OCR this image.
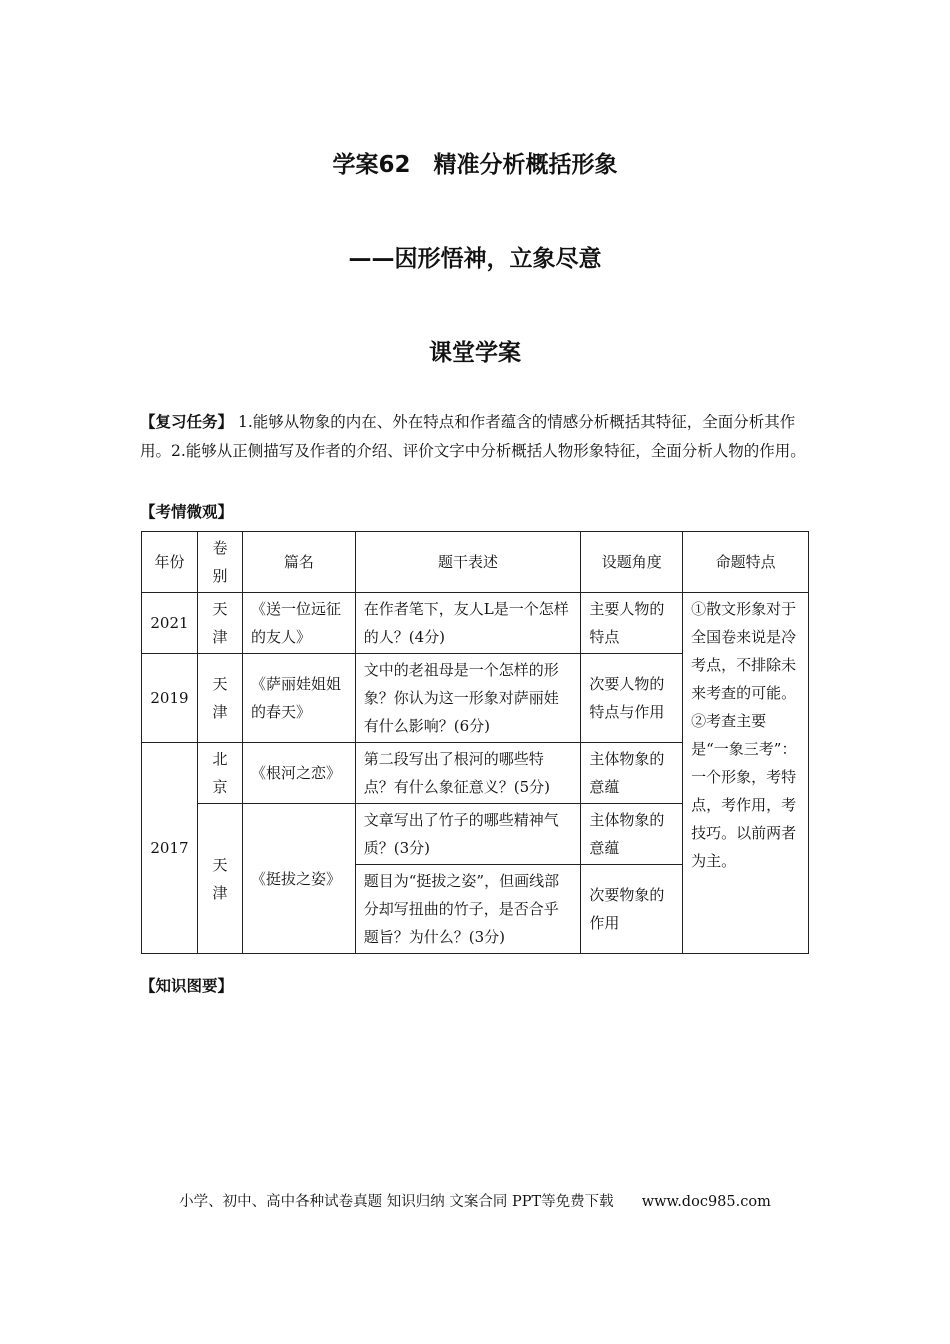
学案62　精准分析概括形象
——因形悟神，立象尽意
课堂学案
【复习任务】 1.能够从物象的内在、外在特点和作者蕴含的情感分析概括其特征，全面分析其作用。2.能够从正侧描写及作者的介绍、评价文字中分析概括人物形象特征，全面分析人物的作用。
【考情微观】
年份	卷别	篇名	题干表述	设题角度	命题特点
2021	天津	《送一位远征的友人》	在作者笔下，友人L是一个怎样的人？(4分)	主要人物的特点	①散文形象对于全国卷来说是冷考点，不排除未来考查的可能。②考查主要是“一象三考”：一个形象，考特点，考作用，考技巧。以前两者为主。
2019	天津	《萨丽娃姐姐的春天》	文中的老祖母是一个怎样的形象？你认为这一形象对萨丽娃有什么影响？(6分)	次要人物的特点与作用	
2017	北京	《根河之恋》	第二段写出了根河的哪些特点？有什么象征意义？(5分)	主体物象的意蕴	
	天津	《挺拔之姿》	文章写出了竹子的哪些精神气质？(3分)	主体物象的意蕴	
			题目为“挺拔之姿”，但画线部分却写扭曲的竹子，是否合乎题旨？为什么？(3分)	次要物象的作用	
【知识图要】
小学、初中、高中各种试卷真题 知识归纳 文案合同 PPT等免费下载 www.doc985.com
